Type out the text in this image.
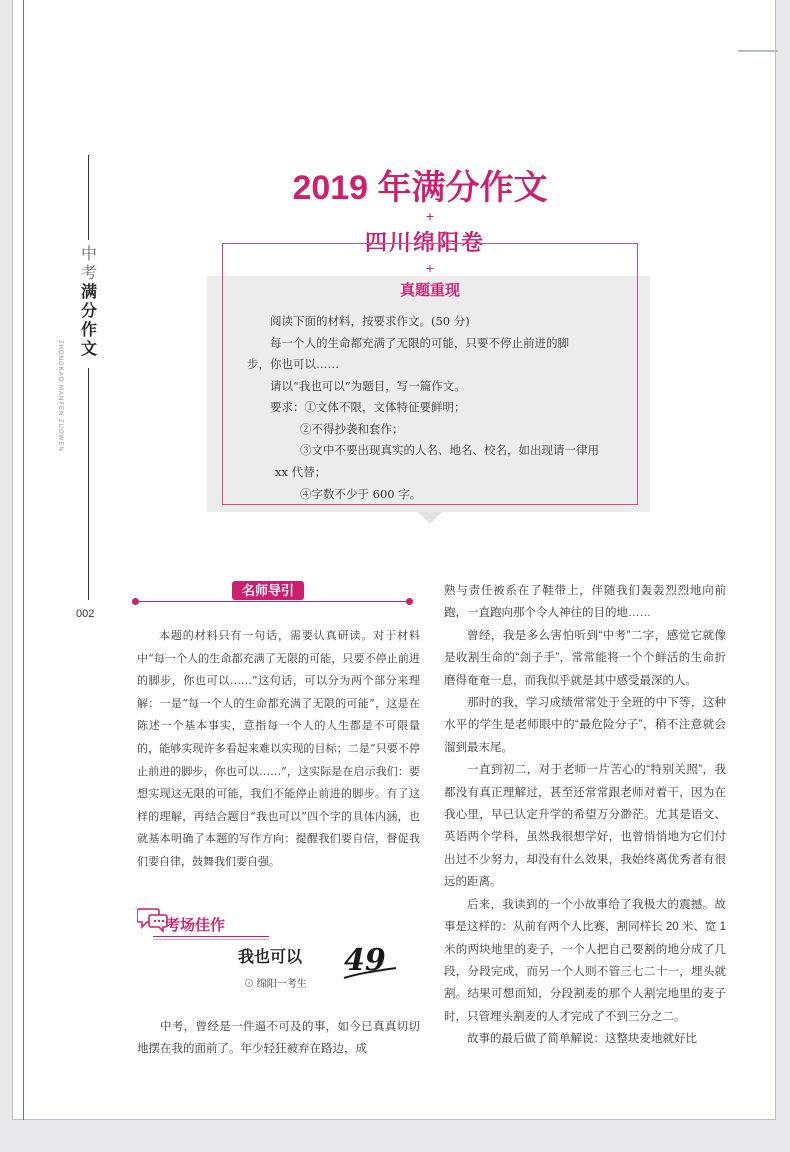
中
考
满
分
作
文
ZHONGKAO MANFEN ZUOWEN
002
2019 年满分作文
+
四川绵阳卷
+
真题重现
阅读下面的材料，按要求作文。(50 分)
每一个人的生命都充满了无限的可能，只要不停止前进的脚
步，你也可以……
请以“我也可以”为题目，写一篇作文。
要求：①文体不限，文体特征要鲜明；
②不得抄袭和套作；
③文中不要出现真实的人名、地名、校名，如出现请一律用
xx 代替；
④字数不少于 600 字。
名师导引

本题的材料只有一句话，需要认真研读。对于材料中“每一个人的生命都充满了无限的可能，只要不停止前进的脚步，你也可以……”这句话，可以分为两个部分来理解：一是“每一个人的生命都充满了无限的可能”，这是在陈述一个基本事实，意指每一个人的人生都是不可限量的，能够实现许多看起来难以实现的目标；二是“只要不停止前进的脚步，你也可以……”，这实际是在启示我们：要想实现这无限的可能，我们不能停止前进的脚步。有了这样的理解，再结合题目“我也可以”四个字的具体内涵，也就基本明确了本题的写作方向：提醒我们要自信，督促我们要自律，鼓舞我们要自强。

考场佳作
我也可以
⊙ 绵阳一考生
49

中考，曾经是一件逼不可及的事，如今已真真切切地摆在我的面前了。年少轻狂被弃在路边，成

熟与责任被系在了鞋带上，伴随我们轰轰烈烈地向前跑，一直跑向那个令人神往的目的地……

曾经，我是多么害怕听到“中考”二字，感觉它就像是收割生命的“刽子手”，常常能将一个个鲜活的生命折磨得奄奄一息，而我似乎就是其中感受最深的人。

那时的我，学习成绩常常处于全班的中下等，这种水平的学生是老师眼中的“最危险分子”，稍不注意就会溜到最末尾。

一直到初二，对于老师一片苦心的“特别关照”，我都没有真正理解过，甚至还常常跟老师对着干，因为在我心里，早已认定升学的希望万分渺茫。尤其是语文、英语两个学科，虽然我很想学好，也曾悄悄地为它们付出过不少努力，却没有什么效果，我始终离优秀者有很远的距离。

后来，我读到的一个小故事给了我极大的震撼。故事是这样的：从前有两个人比赛，割同样长 20 米、宽 1 米的两块地里的麦子，一个人把自己要割的地分成了几段，分段完成，而另一个人则不管三七二十一，埋头就割。结果可想而知，分段割麦的那个人割完地里的麦子时，只管埋头割麦的人才完成了不到三分之二。

故事的最后做了简单解说：这整块麦地就好比
